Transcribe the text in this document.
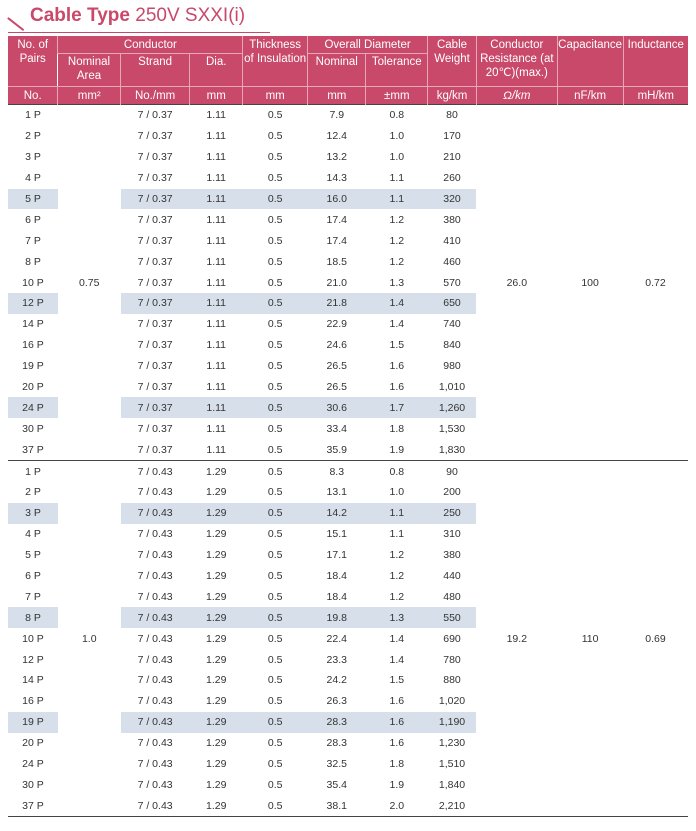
Cable Type 250V SXXI(i)
No. of Pairs	Conductor			Thickness of Insulation	Overall Diameter		Cable Weight	Conductor Resistance (at 20℃)(max.)	Capacitance	Inductance
	Nominal Area	Strand	Dia.		Nominal	Tolerance				
No.	mm²	No./mm	mm	mm	mm	±mm	kg/km	Ω/km	nF/km	mH/km
1 P	0.75	7 / 0.37	1.11	0.5	7.9	0.8	80	26.0	100	0.72
2 P		7 / 0.37	1.11	0.5	12.4	1.0	170			
3 P		7 / 0.37	1.11	0.5	13.2	1.0	210			
4 P		7 / 0.37	1.11	0.5	14.3	1.1	260			
5 P		7 / 0.37	1.11	0.5	16.0	1.1	320			
6 P		7 / 0.37	1.11	0.5	17.4	1.2	380			
7 P		7 / 0.37	1.11	0.5	17.4	1.2	410			
8 P		7 / 0.37	1.11	0.5	18.5	1.2	460			
10 P		7 / 0.37	1.11	0.5	21.0	1.3	570			
12 P		7 / 0.37	1.11	0.5	21.8	1.4	650			
14 P		7 / 0.37	1.11	0.5	22.9	1.4	740			
16 P		7 / 0.37	1.11	0.5	24.6	1.5	840			
19 P		7 / 0.37	1.11	0.5	26.5	1.6	980			
20 P		7 / 0.37	1.11	0.5	26.5	1.6	1,010			
24 P		7 / 0.37	1.11	0.5	30.6	1.7	1,260			
30 P		7 / 0.37	1.11	0.5	33.4	1.8	1,530			
37 P		7 / 0.37	1.11	0.5	35.9	1.9	1,830			
1 P	1.0	7 / 0.43	1.29	0.5	8.3	0.8	90	19.2	110	0.69
2 P		7 / 0.43	1.29	0.5	13.1	1.0	200			
3 P		7 / 0.43	1.29	0.5	14.2	1.1	250			
4 P		7 / 0.43	1.29	0.5	15.1	1.1	310			
5 P		7 / 0.43	1.29	0.5	17.1	1.2	380			
6 P		7 / 0.43	1.29	0.5	18.4	1.2	440			
7 P		7 / 0.43	1.29	0.5	18.4	1.2	480			
8 P		7 / 0.43	1.29	0.5	19.8	1.3	550			
10 P		7 / 0.43	1.29	0.5	22.4	1.4	690			
12 P		7 / 0.43	1.29	0.5	23.3	1.4	780			
14 P		7 / 0.43	1.29	0.5	24.2	1.5	880			
16 P		7 / 0.43	1.29	0.5	26.3	1.6	1,020			
19 P		7 / 0.43	1.29	0.5	28.3	1.6	1,190			
20 P		7 / 0.43	1.29	0.5	28.3	1.6	1,230			
24 P		7 / 0.43	1.29	0.5	32.5	1.8	1,510			
30 P		7 / 0.43	1.29	0.5	35.4	1.9	1,840			
37 P		7 / 0.43	1.29	0.5	38.1	2.0	2,210			
